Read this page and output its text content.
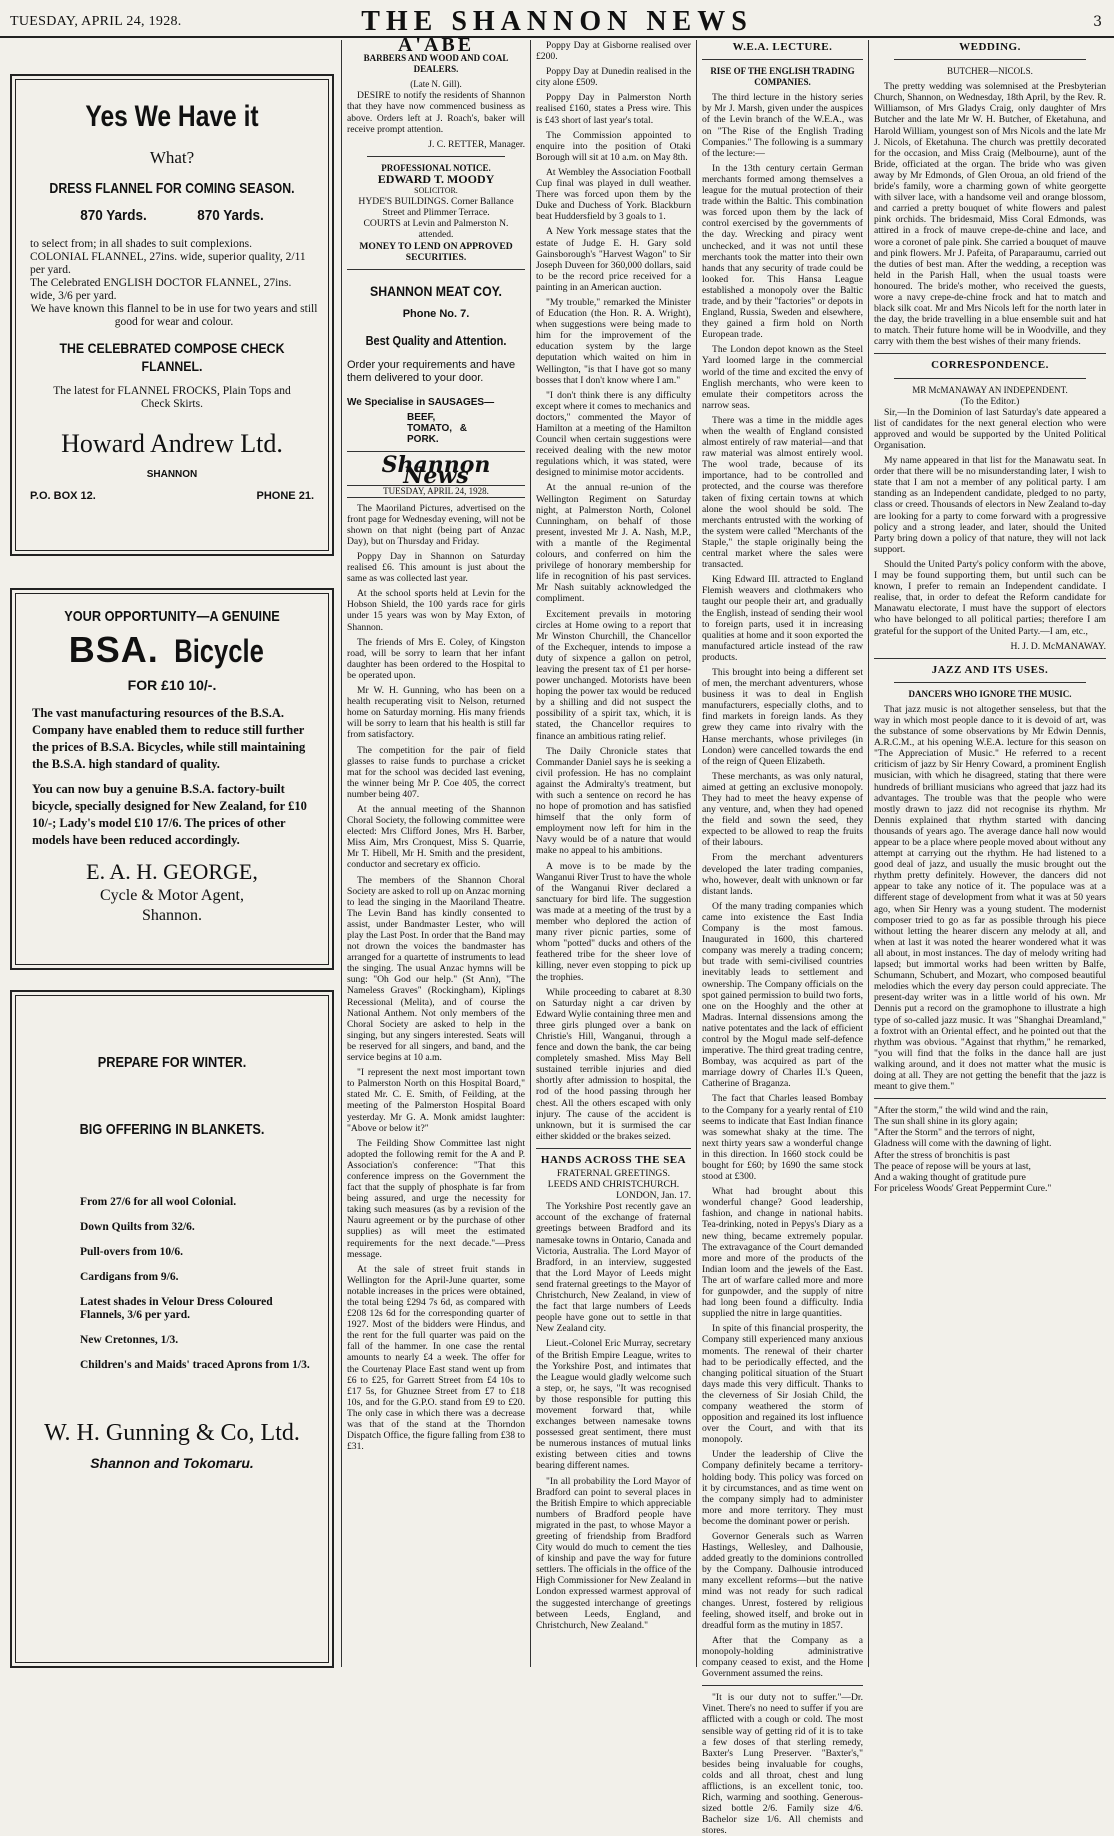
TUESDAY, APRIL 24, 1928.	THE SHANNON NEWS	3
Yes We Have it
What?
DRESS FLANNEL FOR COMING SEASON.
870 Yards.	870 Yards.
to select from; in all shades to suit complexions.
COLONIAL FLANNEL, 27ins. wide, superior quality, 2/11 per yard.
The Celebrated ENGLISH DOCTOR FLANNEL, 27ins. wide, 3/6 per yard.
We have known this flannel to be in use for two years and still good for wear and colour.
THE CELEBRATED COMPOSE CHECK FLANNEL.
The latest for FLANNEL FROCKS, Plain Tops and Check Skirts.
Howard Andrew Ltd.
SHANNON
P.O. BOX 12.	PHONE 21.
YOUR OPPORTUNITY—A GENUINE
BSA. Bicycle
FOR £10 10/-.
The vast manufacturing resources of the B.S.A. Company have enabled them to reduce still further the prices of B.S.A. Bicycles, while still maintaining the B.S.A. high standard of quality.
You can now buy a genuine B.S.A. factory-built bicycle, specially designed for New Zealand, for £10 10/-; Lady's model £10 17/6. The prices of other models have been reduced accordingly.
E. A. H. GEORGE,
Cycle & Motor Agent,
Shannon.
PREPARE FOR WINTER.
BIG OFFERING IN BLANKETS.
From 27/6 for all wool Colonial.
Down Quilts from 32/6.
Pull-overs from 10/6.
Cardigans from 9/6.
Latest shades in Velour Dress Coloured Flannels, 3/6 per yard.
New Cretonnes, 1/3.
Children's and Maids' traced Aprons from 1/3.
W. H. Gunning & Co, Ltd.
Shannon and Tokomaru.
A'ABE
BARBERS AND WOOD AND COAL DEALERS.
(Late N. Gill).

DESIRE to notify the residents of Shannon that they have now commenced business as above. Orders left at J. Roach's, baker will receive prompt attention.

J. C. RETTER, Manager.
PROFESSIONAL NOTICE.
EDWARD T. MOODY
SOLICITOR.
HYDE'S BUILDINGS. Corner Ballance Street and Plimmer Terrace.
COURTS at Levin and Palmerston N. attended.
MONEY TO LEND ON APPROVED SECURITIES.
SHANNON MEAT COY.
Phone No. 7.
Best Quality and Attention.
Order your requirements and have them delivered to your door.
We Specialise in SAUSAGES—
BEEF, TOMATO, & PORK.
Shannon News
TUESDAY, APRIL 24, 1928.

The Maoriland Pictures, advertised on the front page for Wednesday evening, will not be shown on that night (being part of Anzac Day), but on Thursday and Friday.

Poppy Day in Shannon on Saturday realised £6. This amount is just about the same as was collected last year.

At the school sports held at Levin for the Hobson Shield, the 100 yards race for girls under 15 years was won by May Exton, of Shannon.

The friends of Mrs E. Coley, of Kingston road, will be sorry to learn that her infant daughter has been ordered to the Hospital to be operated upon.

Mr W. H. Gunning, who has been on a health recuperating visit to Nelson, returned home on Saturday morning. His many friends will be sorry to learn that his health is still far from satisfactory.

The competition for the pair of field glasses to raise funds to purchase a cricket mat for the school was decided last evening, the winner being Mr P. Coe 405, the correct number being 407.

At the annual meeting of the Shannon Choral Society, the following committee were elected: Mrs Clifford Jones, Mrs H. Barber, Miss Aim, Mrs Cronquest, Miss S. Quarrie, Mr T. Hibell, Mr H. Smith and the president, conductor and secretary ex officio.

The members of the Shannon Choral Society are asked to roll up on Anzac morning to lead the singing in the Maoriland Theatre. The Levin Band has kindly consented to assist, under Bandmaster Lester, who will play the Last Post. In order that the Band may not drown the voices the bandmaster has arranged for a quartette of instruments to lead the singing. The usual Anzac hymns will be sung: "Oh God our help." (St Ann), "The Nameless Graves" (Rockingham), Kiplings Recessional (Melita), and of course the National Anthem. Not only members of the Choral Society are asked to help in the singing, but any singers interested. Seats will be reserved for all singers, and band, and the service begins at 10 a.m.

"I represent the next most important town to Palmerston North on this Hospital Board," stated Mr. C. E. Smith, of Feilding, at the meeting of the Palmerston Hospital Board yesterday. Mr G. A. Monk amidst laughter: "Above or below it?"

The Feilding Show Committee last night adopted the following remit for the A and P. Association's conference: "That this conference impress on the Government the fact that the supply of phosphate is far from being assured, and urge the necessity for taking such measures (as by a revision of the Nauru agreement or by the purchase of other supplies) as will meet the estimated requirements for the next decade."—Press message.

At the sale of street fruit stands in Wellington for the April-June quarter, some notable increases in the prices were obtained, the total being £294 7s 6d, as compared with £208 12s 6d for the corresponding quarter of 1927. Most of the bidders were Hindus, and the rent for the full quarter was paid on the fall of the hammer. In one case the rental amounts to nearly £4 a week. The offer for the Courtenay Place East stand went up from £6 to £25, for Garrett Street from £4 10s to £17 5s, for Ghuznee Street from £7 to £18 10s, and for the G.P.O. stand from £9 to £20. The only case in which there was a decrease was that of the stand at the Thorndon Dispatch Office, the figure falling from £38 to £31.

Poppy Day at Gisborne realised over £200.

Poppy Day at Dunedin realised in the city alone £509.

Poppy Day in Palmerston North realised £160, states a Press wire. This is £43 short of last year's total.

The Commission appointed to enquire into the position of Otaki Borough will sit at 10 a.m. on May 8th.

At Wembley the Association Football Cup final was played in dull weather. There was forced upon them by the Duke and Duchess of York. Blackburn beat Huddersfield by 3 goals to 1.

A New York message states that the estate of Judge E. H. Gary sold Gainsborough's "Harvest Wagon" to Sir Joseph Duveen for 360,000 dollars, said to be the record price received for a painting in an American auction.

"My trouble," remarked the Minister of Education (the Hon. R. A. Wright), when suggestions were being made to him for the improvement of the education system by the large deputation which waited on him in Wellington, "is that I have got so many bosses that I don't know where I am."

"I don't think there is any difficulty except where it comes to mechanics and doctors," commented the Mayor of Hamilton at a meeting of the Hamilton Council when certain suggestions were received dealing with the new motor regulations which, it was stated, were designed to minimise motor accidents.

At the annual re-union of the Wellington Regiment on Saturday night, at Palmerston North, Colonel Cunningham, on behalf of those present, invested Mr J. A. Nash, M.P., with a mantle of the Regimental colours, and conferred on him the privilege of honorary membership for life in recognition of his past services. Mr Nash suitably acknowledged the compliment.

Excitement prevails in motoring circles at Home owing to a report that Mr Winston Churchill, the Chancellor of the Exchequer, intends to impose a duty of sixpence a gallon on petrol, leaving the present tax of £1 per horse-power unchanged. Motorists have been hoping the power tax would be reduced by a shilling and did not suspect the possibility of a spirit tax, which, it is stated, the Chancellor requires to finance an ambitious rating relief.

The Daily Chronicle states that Commander Daniel says he is seeking a civil profession. He has no complaint against the Admiralty's treatment, but with such a sentence on record he has no hope of promotion and has satisfied himself that the only form of employment now left for him in the Navy would be of a nature that would make no appeal to his ambitions.

A move is to be made by the Wanganui River Trust to have the whole of the Wanganui River declared a sanctuary for bird life. The suggestion was made at a meeting of the trust by a member who deplored the action of many river picnic parties, some of whom "potted" ducks and others of the feathered tribe for the sheer love of killing, never even stopping to pick up the trophies.

While proceeding to cabaret at 8.30 on Saturday night a car driven by Edward Wylie containing three men and three girls plunged over a bank on Christie's Hill, Wanganui, through a fence and down the bank, the car being completely smashed. Miss May Bell sustained terrible injuries and died shortly after admission to hospital, the rod of the hood passing through her chest. All the others escaped with only injury. The cause of the accident is unknown, but it is surmised the car either skidded or the brakes seized.

HANDS ACROSS THE SEA
FRATERNAL GREETINGS.
LEEDS AND CHRISTCHURCH.
LONDON, Jan. 17.

The Yorkshire Post recently gave an account of the exchange of fraternal greetings between Bradford and its namesake towns in Ontario, Canada and Victoria, Australia. The Lord Mayor of Bradford, in an interview, suggested that the Lord Mayor of Leeds might send fraternal greetings to the Mayor of Christchurch, New Zealand, in view of the fact that large numbers of Leeds people have gone out to settle in that New Zealand city.

Lieut.-Colonel Eric Murray, secretary of the British Empire League, writes to the Yorkshire Post, and intimates that the League would gladly welcome such a step, or, he says, "It was recognised by those responsible for putting this movement forward that, while exchanges between namesake towns possessed great sentiment, there must be numerous instances of mutual links existing between cities and towns bearing different names.

"In all probability the Lord Mayor of Bradford can point to several places in the British Empire to which appreciable numbers of Bradford people have migrated in the past, to whose Mayor a greeting of friendship from Bradford City would do much to cement the ties of kinship and pave the way for future settlers. The officials in the office of the High Commissioner for New Zealand in London expressed warmest approval of the suggested interchange of greetings between Leeds, England, and Christchurch, New Zealand."

W.E.A. LECTURE.
RISE OF THE ENGLISH TRADING COMPANIES.

The third lecture in the history series by Mr J. Marsh, given under the auspices of the Levin branch of the W.E.A., was on "The Rise of the English Trading Companies." The following is a summary of the lecture:—

In the 13th century certain German merchants formed among themselves a league for the mutual protection of their trade within the Baltic. This combination was forced upon them by the lack of control exercised by the governments of the day. Wrecking and piracy went unchecked, and it was not until these merchants took the matter into their own hands that any security of trade could be looked for. This Hansa League established a monopoly over the Baltic trade, and by their "factories" or depots in England, Russia, Sweden and elsewhere, they gained a firm hold on North European trade.

The London depot known as the Steel Yard loomed large in the commercial world of the time and excited the envy of English merchants, who were keen to emulate their competitors across the narrow seas.

There was a time in the middle ages when the wealth of England consisted almost entirely of raw material—and that raw material was almost entirely wool. The wool trade, because of its importance, had to be controlled and protected, and the course was therefore taken of fixing certain towns at which alone the wool should be sold. The merchants entrusted with the working of the system were called "Merchants of the Staple," the staple originally being the central market where the sales were transacted.

King Edward III. attracted to England Flemish weavers and clothmakers who taught our people their art, and gradually the English, instead of sending their wool to foreign parts, used it in increasing qualities at home and it soon exported the manufactured article instead of the raw products.

This brought into being a different set of men, the merchant adventurers, whose business it was to deal in English manufacturers, especially cloths, and to find markets in foreign lands. As they grew they came into rivalry with the Hanse merchants, whose privileges (in London) were cancelled towards the end of the reign of Queen Elizabeth.

These merchants, as was only natural, aimed at getting an exclusive monopoly. They had to meet the heavy expense of any venture, and, when they had opened the field and sown the seed, they expected to be allowed to reap the fruits of their labours.

From the merchant adventurers developed the later trading companies, who, however, dealt with unknown or far distant lands.

Of the many trading companies which came into existence the East India Company is the most famous. Inaugurated in 1600, this chartered company was merely a trading concern; but trade with semi-civilised countries inevitably leads to settlement and ownership. The Company officials on the spot gained permission to build two forts, one on the Hooghly and the other at Madras. Internal dissensions among the native potentates and the lack of efficient control by the Mogul made self-defence imperative. The third great trading centre, Bombay, was acquired as part of the marriage dowry of Charles II.'s Queen, Catherine of Braganza.

The fact that Charles leased Bombay to the Company for a yearly rental of £10 seems to indicate that East Indian finance was somewhat shaky at the time. The next thirty years saw a wonderful change in this direction. In 1660 stock could be bought for £60; by 1690 the same stock stood at £300.

What had brought about this wonderful change? Good leadership, fashion, and change in national habits. Tea-drinking, noted in Pepys's Diary as a new thing, became extremely popular. The extravagance of the Court demanded more and more of the products of the Indian loom and the jewels of the East. The art of warfare called more and more for gunpowder, and the supply of nitre had long been found a difficulty. India supplied the nitre in large quantities.

In spite of this financial prosperity, the Company still experienced many anxious moments. The renewal of their charter had to be periodically effected, and the changing political situation of the Stuart days made this very difficult. Thanks to the cleverness of Sir Josiah Child, the company weathered the storm of opposition and regained its lost influence over the Court, and with that its monopoly.

Under the leadership of Clive the Company definitely became a territory-holding body. This policy was forced on it by circumstances, and as time went on the company simply had to administer more and more territory. They must become the dominant power or perish.

Governor Generals such as Warren Hastings, Wellesley, and Dalhousie, added greatly to the dominions controlled by the Company. Dalhousie introduced many excellent reforms—but the native mind was not ready for such radical changes. Unrest, fostered by religious feeling, showed itself, and broke out in dreadful form as the mutiny in 1857.

After that the Company as a monopoly-holding administrative company ceased to exist, and the Home Government assumed the reins.

"It is our duty not to suffer."—Dr. Vinet. There's no need to suffer if you are afflicted with a cough or cold. The most sensible way of getting rid of it is to take a few doses of that sterling remedy, Baxter's Lung Preserver. "Baxter's," besides being invaluable for coughs, colds and all throat, chest and lung afflictions, is an excellent tonic, too. Rich, warming and soothing. Generous-sized bottle 2/6. Family size 4/6. Bachelor size 1/6. All chemists and stores.

WEDDING.
BUTCHER—NICOLS.

The pretty wedding was solemnised at the Presbyterian Church, Shannon, on Wednesday, 18th April, by the Rev. R. Williamson, of Mrs Gladys Craig, only daughter of Mrs Butcher and the late Mr W. H. Butcher, of Eketahuna, and Harold William, youngest son of Mrs Nicols and the late Mr J. Nicols, of Eketahuna. The church was prettily decorated for the occasion, and Miss Craig (Melbourne), aunt of the Bride, officiated at the organ. The bride who was given away by Mr Edmonds, of Glen Oroua, an old friend of the bride's family, wore a charming gown of white georgette with silver lace, with a handsome veil and orange blossom, and carried a pretty bouquet of white flowers and palest pink orchids. The bridesmaid, Miss Coral Edmonds, was attired in a frock of mauve crepe-de-chine and lace, and wore a coronet of pale pink. She carried a bouquet of mauve and pink flowers. Mr J. Pafeita, of Paraparaumu, carried out the duties of best man. After the wedding, a reception was held in the Parish Hall, when the usual toasts were honoured. The bride's mother, who received the guests, wore a navy crepe-de-chine frock and hat to match and black silk coat. Mr and Mrs Nicols left for the north later in the day, the bride travelling in a blue ensemble suit and hat to match. Their future home will be in Woodville, and they carry with them the best wishes of their many friends.

CORRESPONDENCE.
MR McMANAWAY AN INDEPENDENT.
(To the Editor.)

Sir,—In the Dominion of last Saturday's date appeared a list of candidates for the next general election who were approved and would be supported by the United Political Organisation.

My name appeared in that list for the Manawatu seat. In order that there will be no misunderstanding later, I wish to state that I am not a member of any political party. I am standing as an Independent candidate, pledged to no party, class or creed. Thousands of electors in New Zealand to-day are looking for a party to come forward with a progressive policy and a strong leader, and later, should the United Party bring down a policy of that nature, they will not lack support.

Should the United Party's policy conform with the above, I may be found supporting them, but until such can be known, I prefer to remain an Independent candidate. I realise, that, in order to defeat the Reform candidate for Manawatu electorate, I must have the support of electors who have belonged to all political parties; therefore I am grateful for the support of the United Party.—I am, etc.,

H. J. D. McMANAWAY.
JAZZ AND ITS USES.
DANCERS WHO IGNORE THE MUSIC.

That jazz music is not altogether senseless, but that the way in which most people dance to it is devoid of art, was the substance of some observations by Mr Edwin Dennis, A.R.C.M., at his opening W.E.A. lecture for this season on "The Appreciation of Music." He referred to a recent criticism of jazz by Sir Henry Coward, a prominent English musician, with which he disagreed, stating that there were hundreds of brilliant musicians who agreed that jazz had its advantages. The trouble was that the people who were mostly drawn to jazz did not recognise its rhythm. Mr Dennis explained that rhythm started with dancing thousands of years ago. The average dance hall now would appear to be a place where people moved about without any attempt at carrying out the rhythm. He had listened to a good deal of jazz, and usually the music brought out the rhythm pretty definitely. However, the dancers did not appear to take any notice of it. The populace was at a different stage of development from what it was at 50 years ago, when Sir Henry was a young student. The modernist composer tried to go as far as possible through his piece without letting the hearer discern any melody at all, and when at last it was noted the hearer wondered what it was all about, in most instances. The day of melody writing had lapsed; but immortal works had been written by Balfe, Schumann, Schubert, and Mozart, who composed beautiful melodies which the every day person could appreciate. The present-day writer was in a little world of his own. Mr Dennis put a record on the gramophone to illustrate a high type of so-called jazz music. It was "Shanghai Dreamland," a foxtrot with an Oriental effect, and he pointed out that the rhythm was obvious. "Against that rhythm," he remarked, "you will find that the folks in the dance hall are just walking around, and it does not matter what the music is doing at all. They are not getting the benefit that the jazz is meant to give them."

"After the storm," the wild wind and the rain,
The sun shall shine in its glory again;
"After the Storm" and the terrors of night,
Gladness will come with the dawning of light.
After the stress of bronchitis is past
The peace of repose will be yours at last,
And a waking thought of gratitude pure
For priceless Woods' Great Peppermint Cure."
